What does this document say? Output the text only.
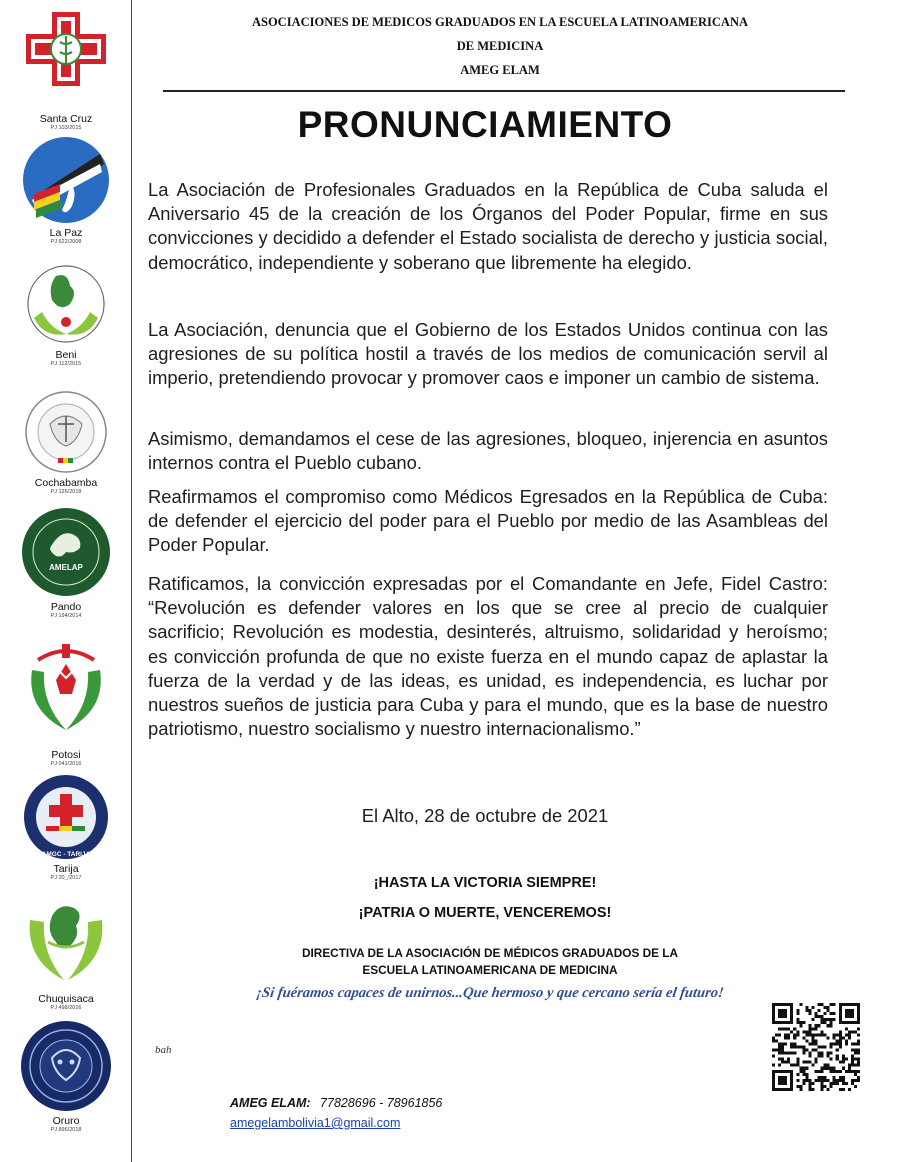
Santa Cruz
PJ 103/2015
La Paz
PJ 622/2008
Beni
PJ 112/2015
Cochabamba
PJ 126/2018
AMELAP
Pando
PJ 194/2014
Potosi
PJ 041/2016
AMGC - TARIJA
Tarija
PJ 20_/2017
Chuquisaca
PJ 498/2016
Oruro
PJ 896/2018
ASOCIACIONES DE MEDICOS GRADUADOS EN LA ESCUELA LATINOAMERICANA
DE MEDICINA
AMEG ELAM
PRONUNCIAMIENTO

La Asociación de Profesionales Graduados en la República de Cuba saluda el Aniversario 45 de la creación de los Órganos del Poder Popular, firme en sus convicciones y decidido a defender el Estado socialista de derecho y justicia social, democrático, independiente y soberano que libremente ha elegido.

La Asociación, denuncia que el Gobierno de los Estados Unidos continua con las agresiones de su política hostil a través de los medios de comunicación servil al imperio, pretendiendo provocar y promover caos e imponer un cambio de sistema.

Asimismo, demandamos el cese de las agresiones, bloqueo, injerencia en asuntos internos contra el Pueblo cubano.

Reafirmamos el compromiso como Médicos Egresados en la República de Cuba: de defender el ejercicio del poder para el Pueblo por medio de las Asambleas del Poder Popular.

Ratificamos, la convicción expresadas por el Comandante en Jefe, Fidel Castro: “Revolución es defender valores en los que se cree al precio de cualquier sacrificio; Revolución es modestia, desinterés, altruismo, solidaridad y heroísmo; es convicción profunda de que no existe fuerza en el mundo capaz de aplastar la fuerza de la verdad y de las ideas, es unidad, es independencia, es luchar por nuestros sueños de justicia para Cuba y para el mundo, que es la base de nuestro patriotismo, nuestro socialismo y nuestro internacionalismo.”

El Alto, 28 de octubre de 2021
¡HASTA LA VICTORIA SIEMPRE!
¡PATRIA O MUERTE, VENCEREMOS!
DIRECTIVA DE LA ASOCIACIÓN DE MÉDICOS GRADUADOS DE LA
ESCUELA LATINOAMERICANA DE MEDICINA
¡Si fuéramos capaces de unirnos...Que hermoso y que cercano sería el futuro!
bah
AMEG ELAM: 77828696 - 78961856
amegelambolivia1@gmail.com
